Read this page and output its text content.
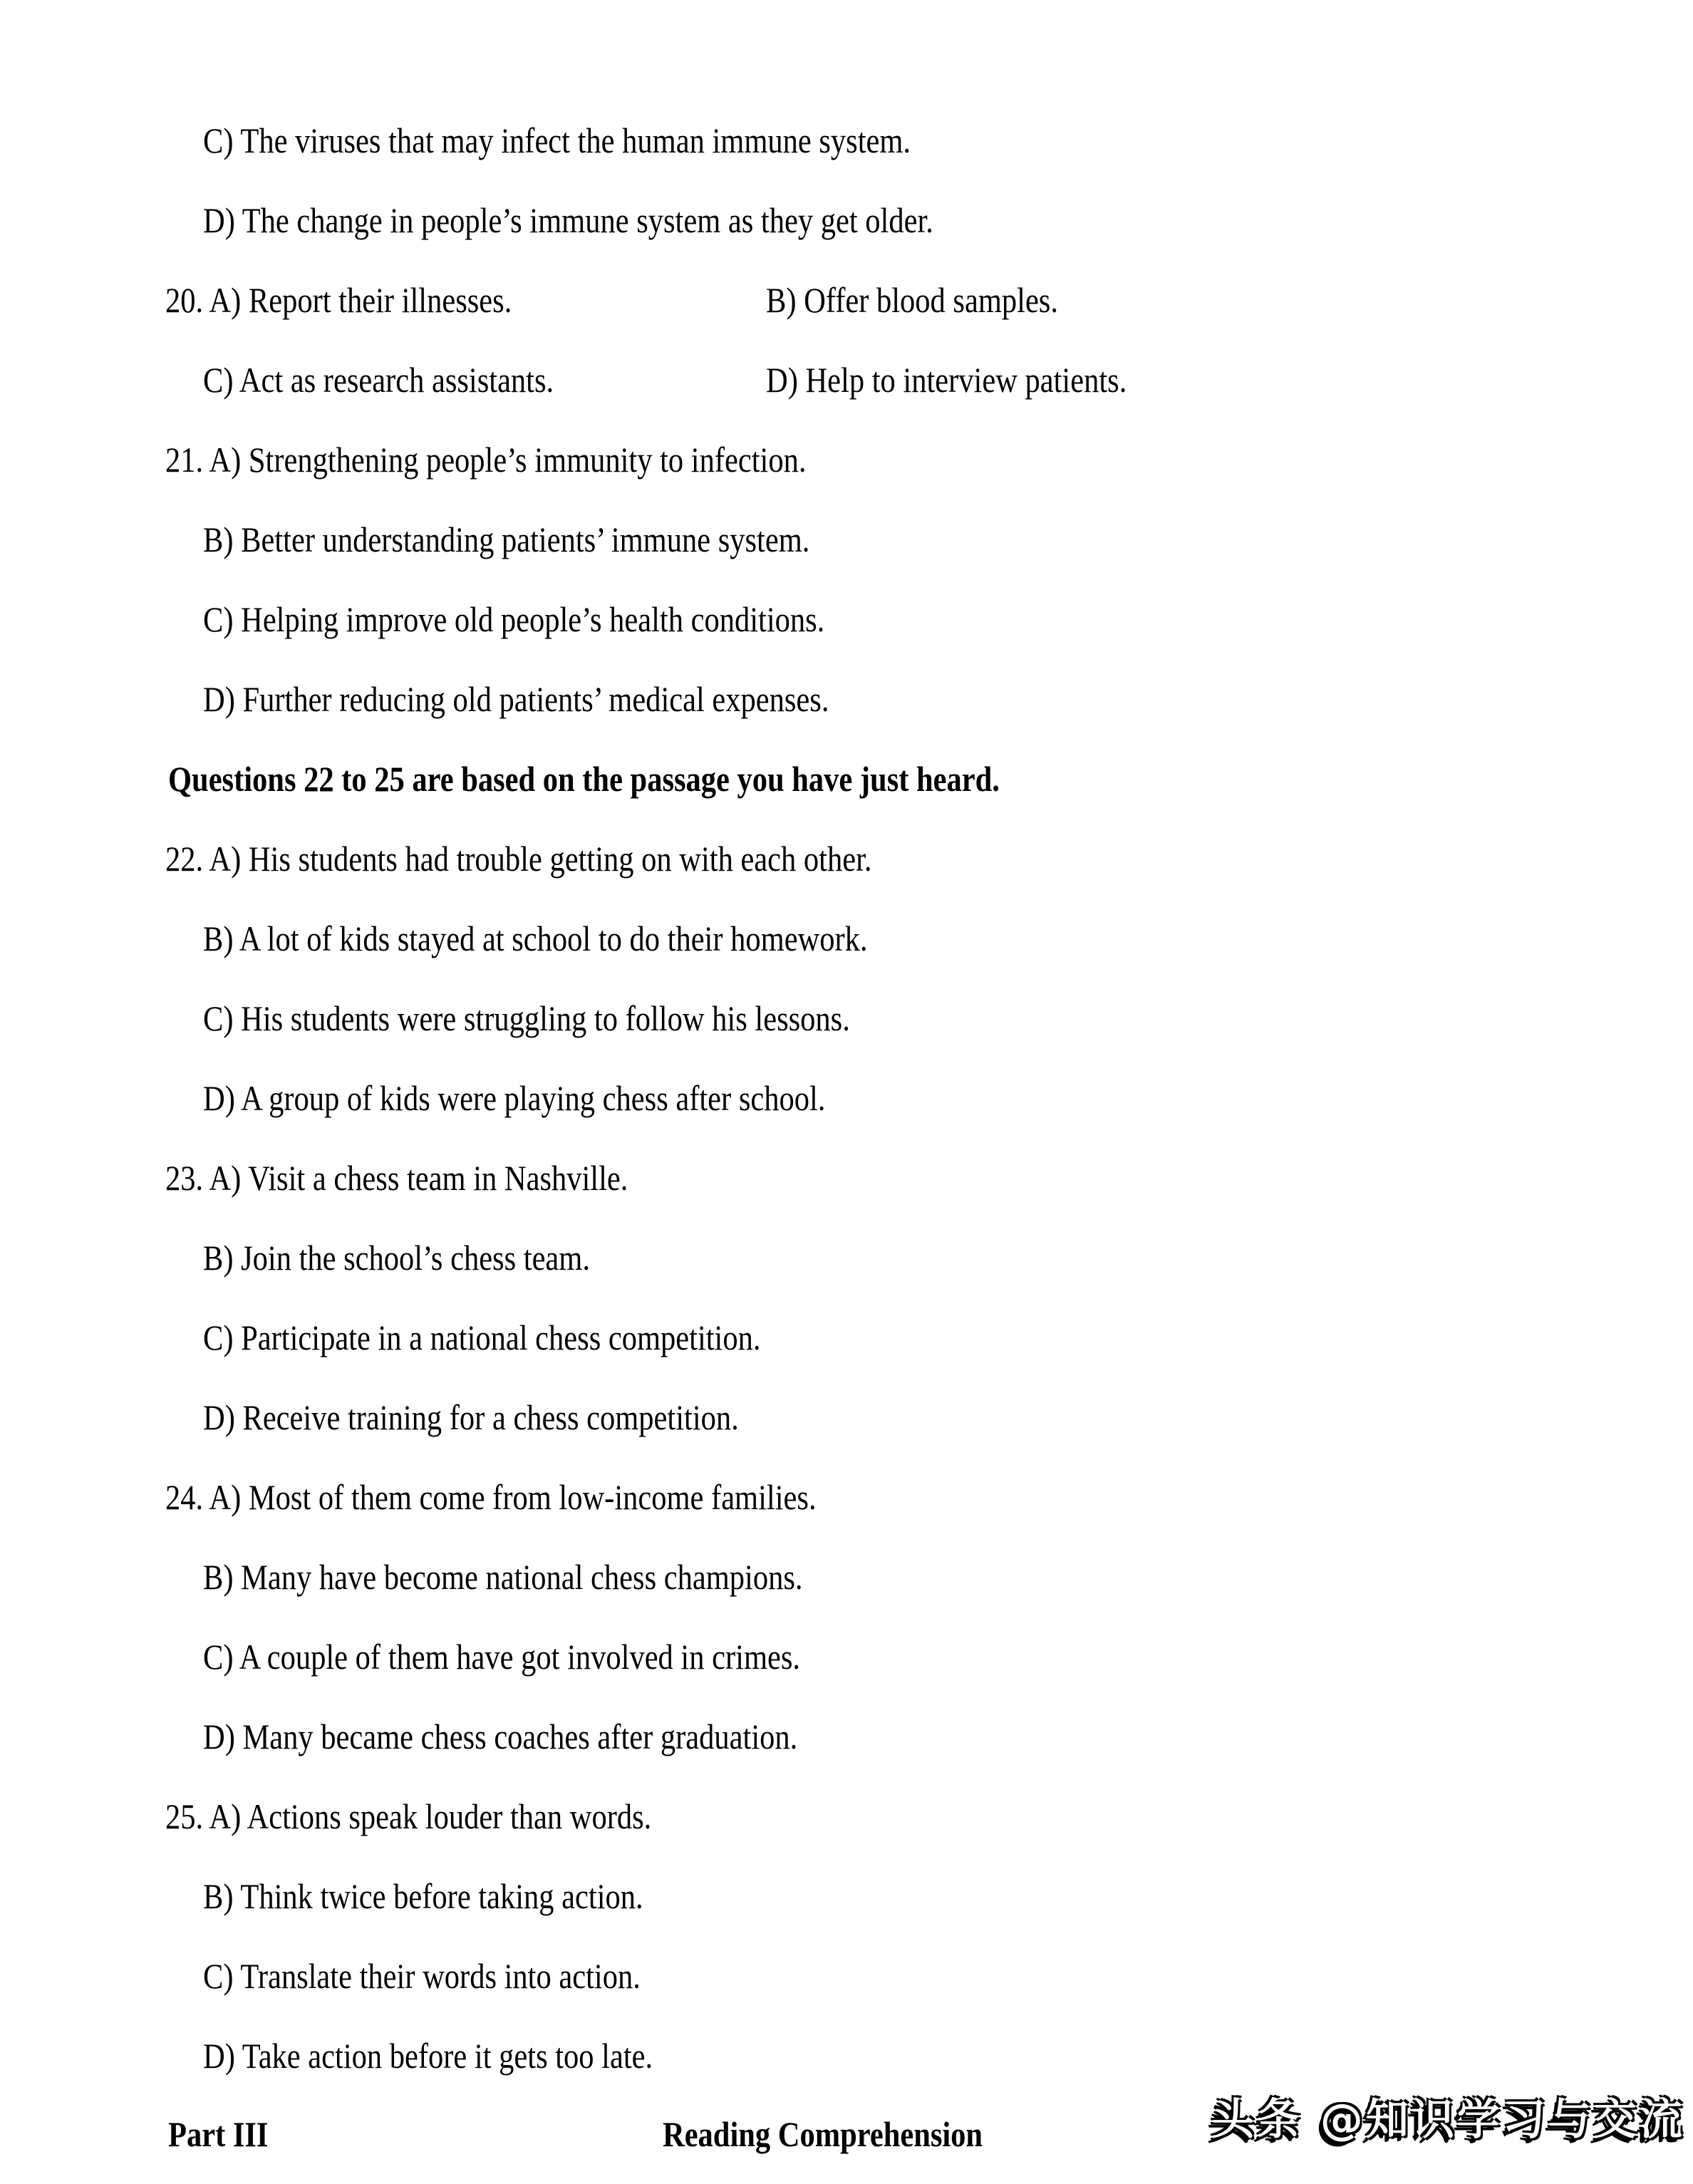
C) The viruses that may infect the human immune system.
D) The change in people’s immune system as they get older.
20. A) Report their illnesses.	B) Offer blood samples.
C) Act as research assistants.	D) Help to interview patients.
21. A) Strengthening people’s immunity to infection.
B) Better understanding patients’ immune system.
C) Helping improve old people’s health conditions.
D) Further reducing old patients’ medical expenses.
Questions 22 to 25 are based on the passage you have just heard.
22. A) His students had trouble getting on with each other.
B) A lot of kids stayed at school to do their homework.
C) His students were struggling to follow his lessons.
D) A group of kids were playing chess after school.
23. A) Visit a chess team in Nashville.
B) Join the school’s chess team.
C) Participate in a national chess competition.
D) Receive training for a chess competition.
24. A) Most of them come from low-income families.
B) Many have become national chess champions.
C) A couple of them have got involved in crimes.
D) Many became chess coaches after graduation.
25. A) Actions speak louder than words.
B) Think twice before taking action.
C) Translate their words into action.
D) Take action before it gets too late.
Part III	Reading Comprehension	头条 @知识学习与交流
